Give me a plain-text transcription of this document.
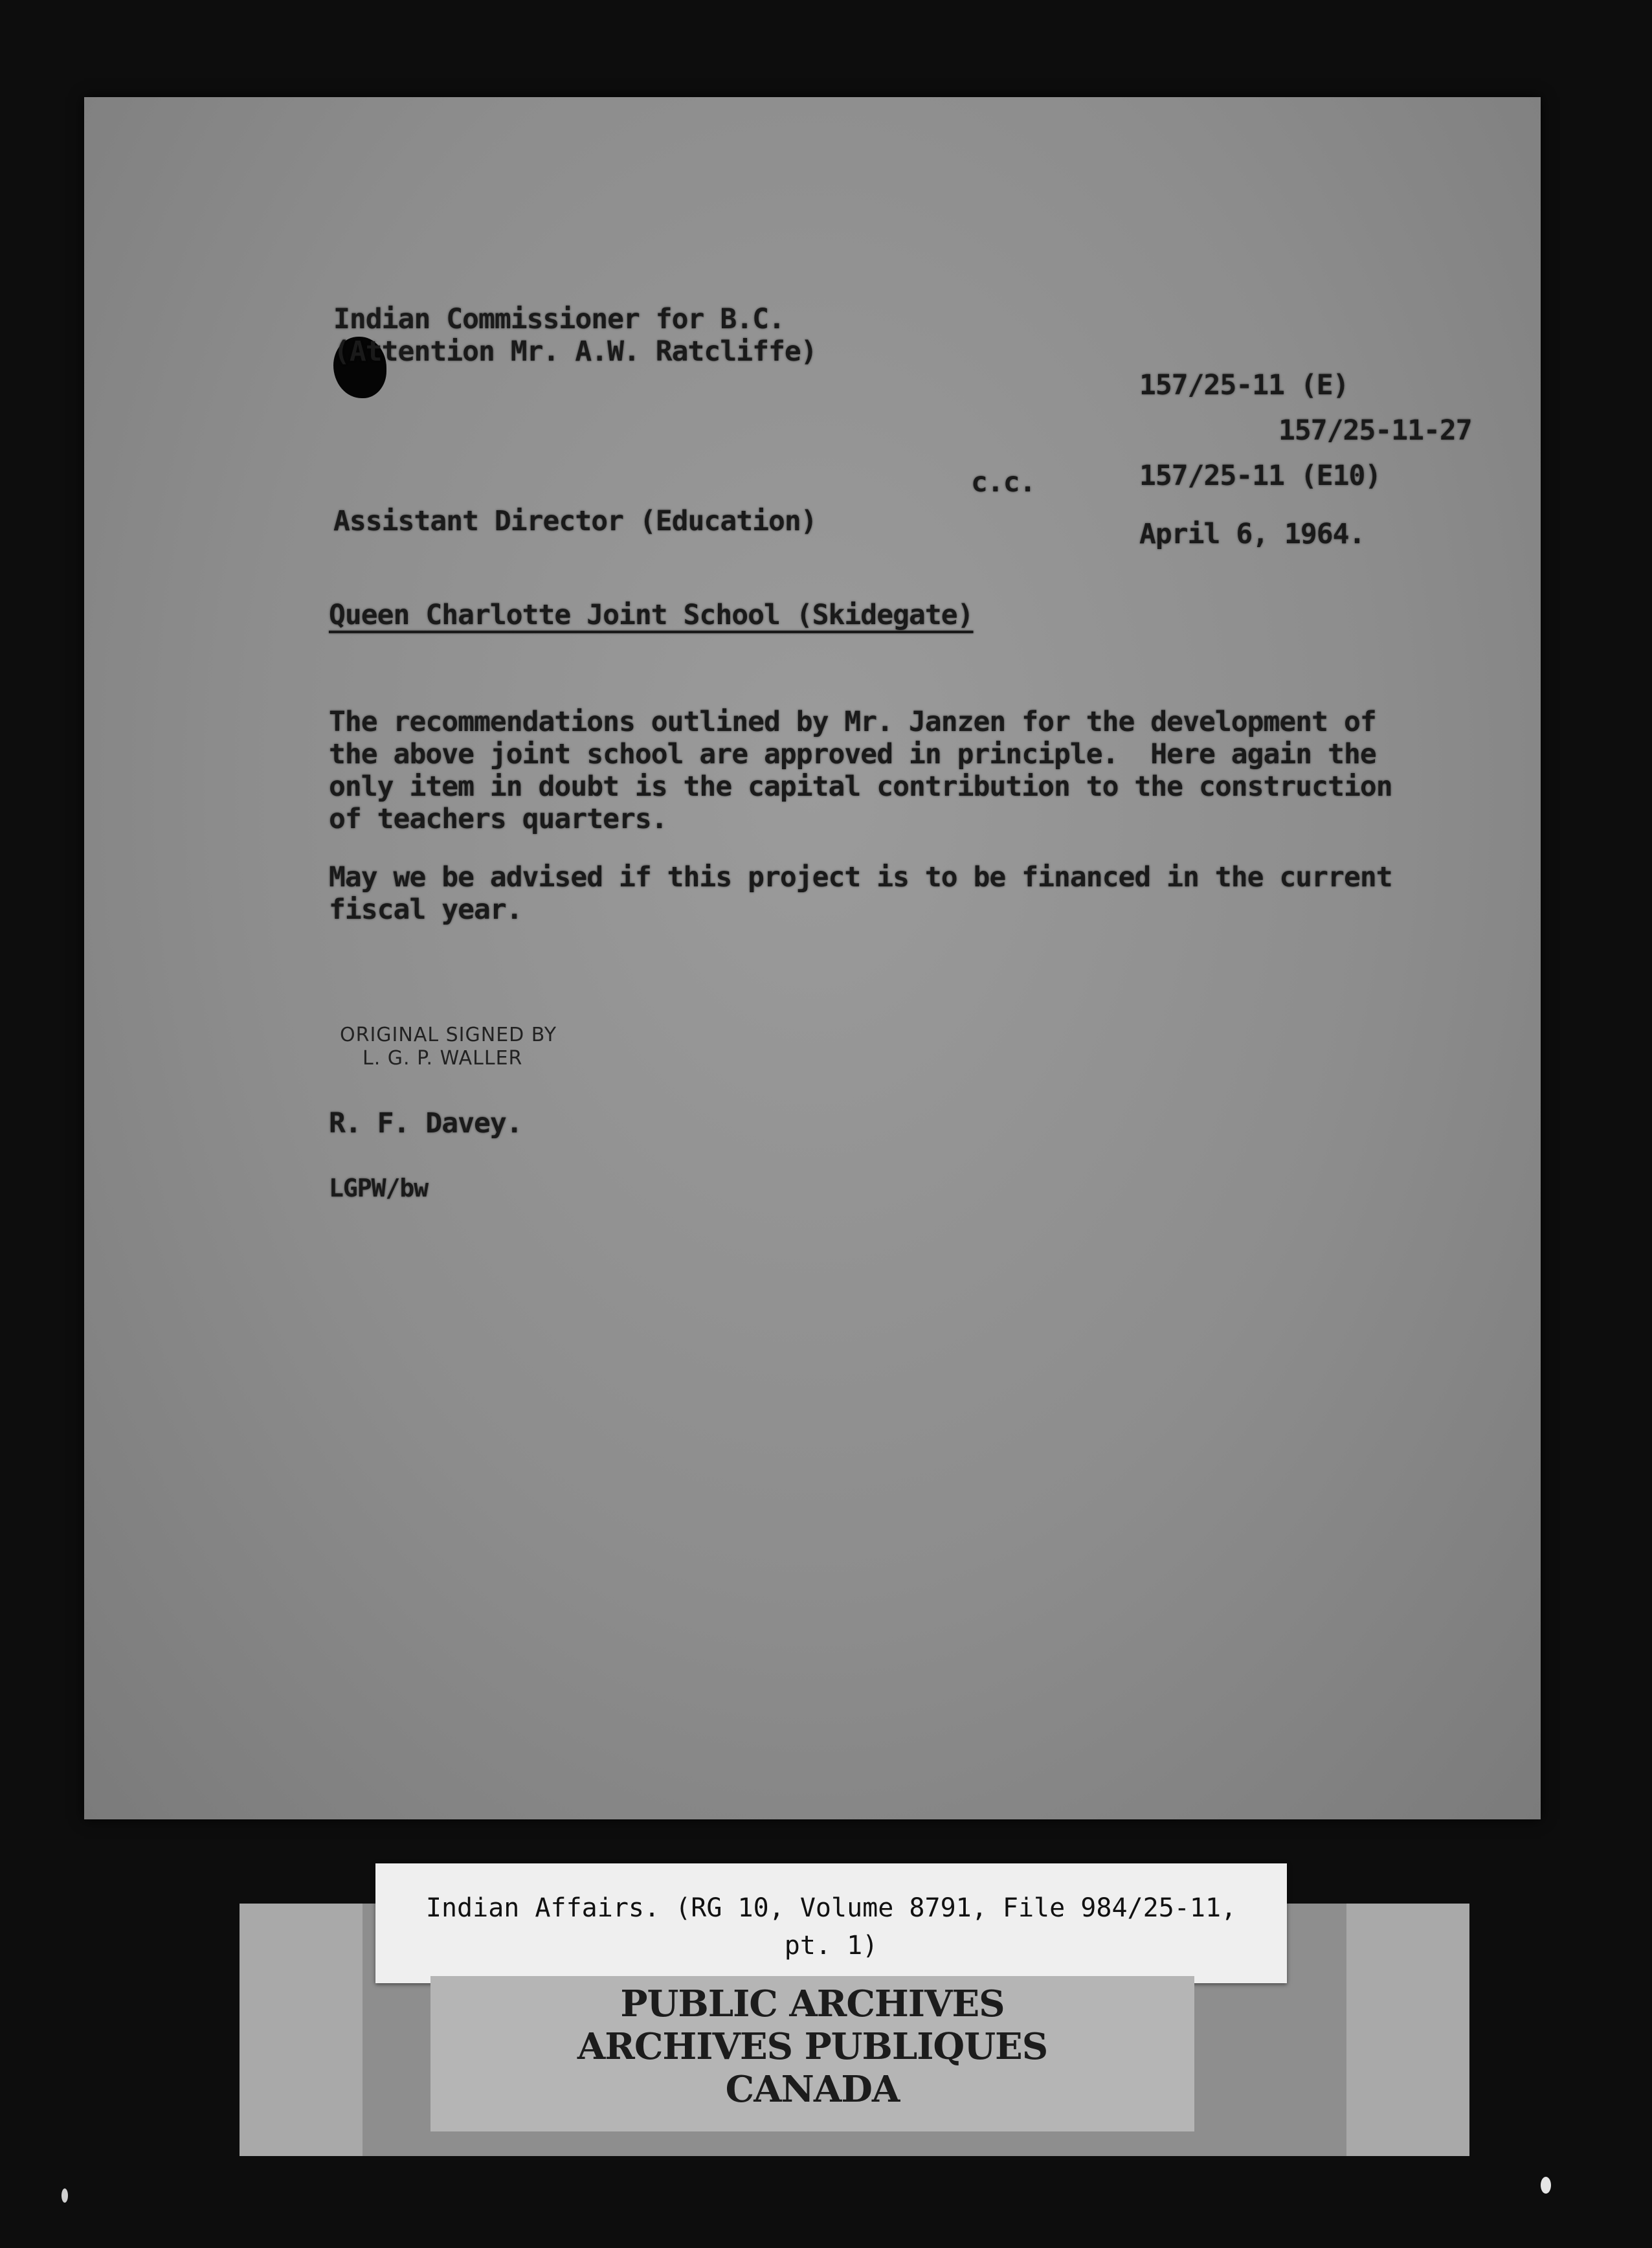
Indian Commissioner for B.C.

(Attention Mr. A.W. Ratcliffe)

157/25-11 (E)

157/25-11-27

c.c.	157/25-11 (E10)

Assistant Director (Education)	April 6, 1964.

Queen Charlotte Joint School (Skidegate)

The recommendations outlined by Mr. Janzen for the development of

the above joint school are approved in principle.  Here again the

only item in doubt is the capital contribution to the construction

of teachers quarters.

May we be advised if this project is to be financed in the current

fiscal year.

ORIGINAL SIGNED BY

L. G. P. WALLER

R. F. Davey.

LGPW/bw

Indian Affairs. (RG 10, Volume 8791, File 984/25-11,
pt. 1)

PUBLIC ARCHIVES
ARCHIVES PUBLIQUES
CANADA
